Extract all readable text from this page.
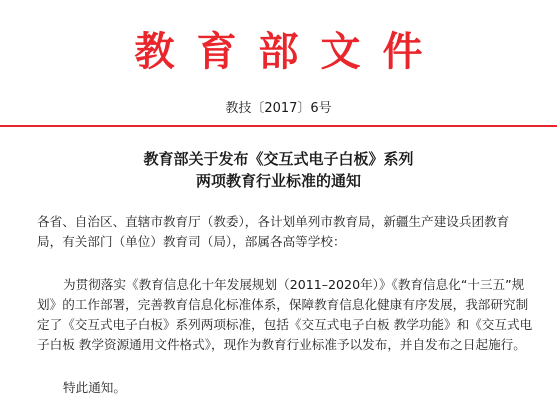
教育部文件
教技〔2017〕6号
教育部关于发布《交互式电子白板》系列
两项教育行业标准的通知

各省、自治区、直辖市教育厅（教委），各计划单列市教育局，新疆生产建设兵团教育局，有关部门（单位）教育司（局），部属各高等学校：

为贯彻落实《教育信息化十年发展规划（2011–2020年）》《教育信息化“十三五”规划》的工作部署，完善教育信息化标准体系，保障教育信息化健康有序发展，我部研究制定了《交互式电子白板》系列两项标准，包括《交互式电子白板 教学功能》和《交互式电子白板 教学资源通用文件格式》，现作为教育行业标准予以发布，并自发布之日起施行。

特此通知。
